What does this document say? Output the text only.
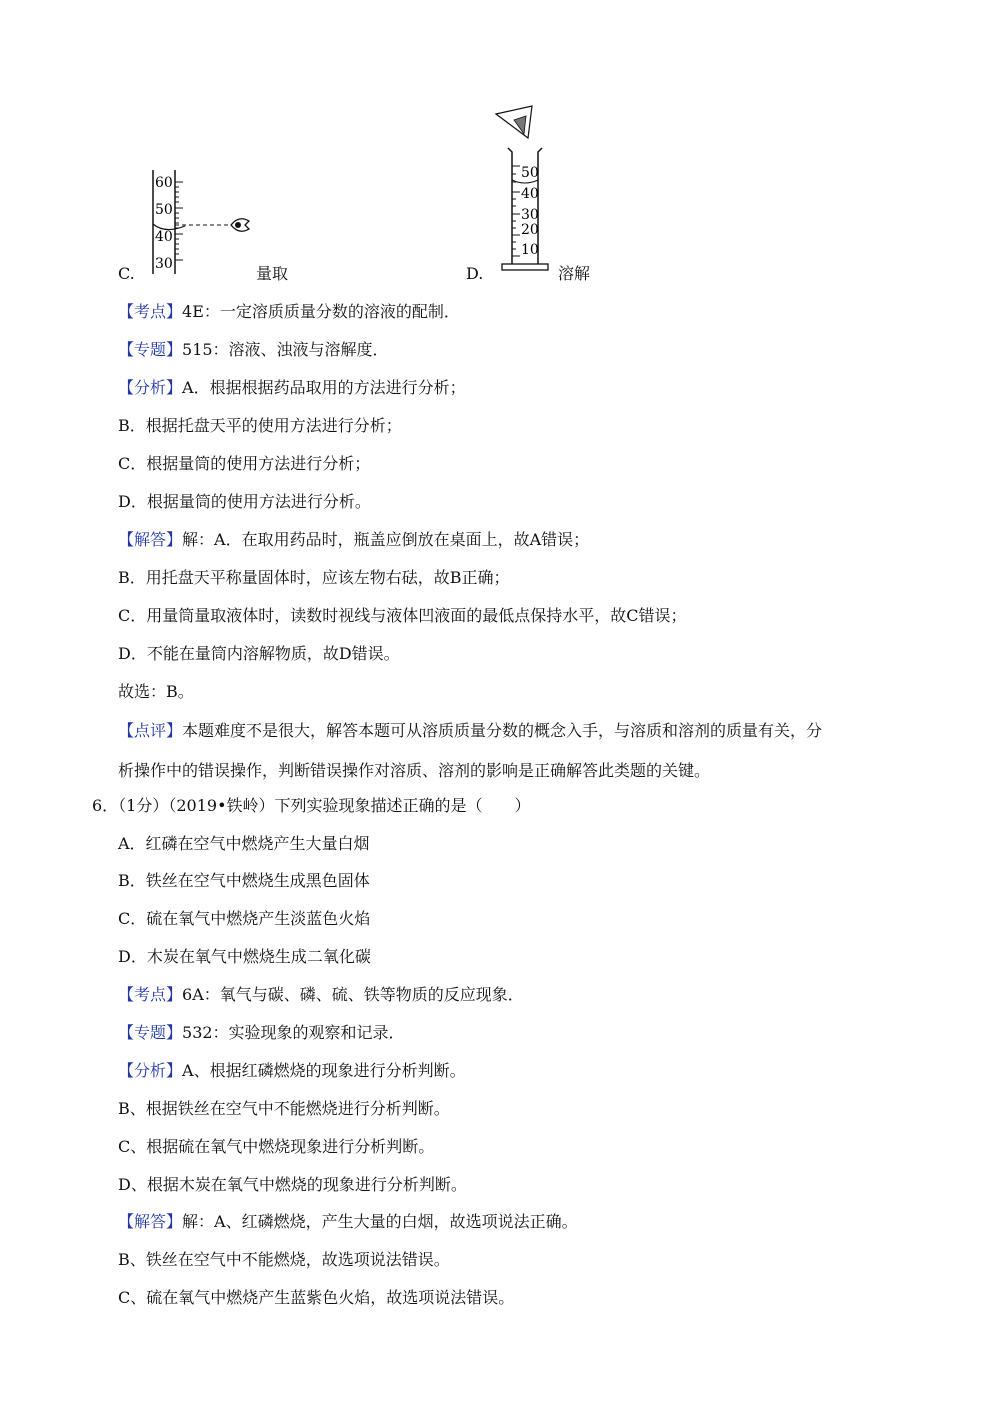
C.
60
50
40
30	量取	D.
50
40
30
20
10
溶解
【考点】4E：一定溶质质量分数的溶液的配制．
【专题】515：溶液、浊液与溶解度．
【分析】A．根据根据药品取用的方法进行分析；
B．根据托盘天平的使用方法进行分析；
C．根据量筒的使用方法进行分析；
D．根据量筒的使用方法进行分析。
【解答】解：A．在取用药品时，瓶盖应倒放在桌面上，故A错误；
B．用托盘天平称量固体时，应该左物右砝，故B正确；
C．用量筒量取液体时，读数时视线与液体凹液面的最低点保持水平，故C错误；
D．不能在量筒内溶解物质，故D错误。
故选：B。
【点评】本题难度不是很大，解答本题可从溶质质量分数的概念入手，与溶质和溶剂的质量有关，分
析操作中的错误操作，判断错误操作对溶质、溶剂的影响是正确解答此类题的关键。
6．（1分）（2019•铁岭）下列实验现象描述正确的是（　　）
A．红磷在空气中燃烧产生大量白烟
B．铁丝在空气中燃烧生成黑色固体
C．硫在氧气中燃烧产生淡蓝色火焰
D．木炭在氧气中燃烧生成二氧化碳
【考点】6A：氧气与碳、磷、硫、铁等物质的反应现象．
【专题】532：实验现象的观察和记录．
【分析】A、根据红磷燃烧的现象进行分析判断。
B、根据铁丝在空气中不能燃烧进行分析判断。
C、根据硫在氧气中燃烧现象进行分析判断。
D、根据木炭在氧气中燃烧的现象进行分析判断。
【解答】解：A、红磷燃烧，产生大量的白烟，故选项说法正确。
B、铁丝在空气中不能燃烧，故选项说法错误。
C、硫在氧气中燃烧产生蓝紫色火焰，故选项说法错误。
